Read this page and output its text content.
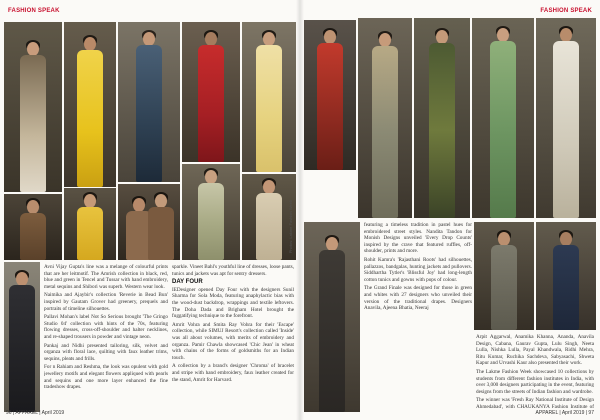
FASHION SPEAK
Photos: Lakme Fashion Week

Avni Vijay Gupta's line was a melange of colourful prints that are her leitmotif. The Amrish collection in black, red, blue and green in Tencel and Tussar with hand embroidery, metal sequins and Shibori was superb. Western wear look.

Naimika and Ajaybir's collection 'Reverie in Bead Bun' inspired by Gautam Grover had greenery, prequels and portraits of timeline silhouettes.

Pallavi Mohan's label Not So Serious brought 'The Gringo Studio 04' collection with hints of the 70s, featuring flowing dresses, cross-off-shoulder and halter necklines, and re-shaped trousers in powder and vintage neon.

Pankaj and Nidhi presented tailoring, silk, velvet and organza with floral lace, quilting with faux leather trims, sequins, pleats and frills.

For n Rahiam and Reshma, the look was opulent with gold jewellery motifs and elegant flowers appliqued with pearls and sequins and one more layer enhanced the fine tradeshow drapes.

sparkle. Vineet Bahl's youthful line of dresses, loose pants, tunics and jackets was apt for sentry dressers.

DAY FOUR

IEDesigner opened Day Four with the designers Sunil Sharma for Sola Moda, featuring anaphylactic bias with the wood-dust backdrop, wrappings and textile leftovers. The Doha Dada and Brigham Hotel brought the fuggatifying technique to the forefront.

Amrit Vohra and Smita Ray Vohra for their 'Escape' collection, while SIMUJ Resort's collection called 'Inside' was all about volumes, with merits of embroidery and organza. Pamir Chawla showcased 'Chic Jean' in wheat with chains of the forms of goldsmiths for an Indian touch.

A collection by a brand's designer 'Chroma' of bracelet and stripe with hand embroidery, faux leather created for the stand, Amrit for Harvard.

96 | APPAREL | April 2019
FASHION SPEAK

featuring a timeless tradition in pastel hues for embroidered street styles. Nandita Tandon for Monish Designs unveiled 'Every Drop Counts' inspired by the crave that featured ruffles, off-shoulder, prints and more.

Rohit Kamra's 'Rajasthani Roots' had silhouettes, pallazzos, bandgalas, hunting jackets and pullovers. Siddhartha Tytler's 'Blissful Joy' had long-length cotton tunics and gowns with pops of colour.

The Grand Finale was designed for those in green and whites with 27 designers who unveiled their version of the traditional drapes. Designers Anavila, Ajeena Bhatia, Neeraj

Arpit Aggarwal, Anamika Khanna, Ananda, Anavila Design, Cabana, Gaurav Gupta, Lulu Singh, Neeta Lulla, Nishka Lulla, Payal Khandwala, Ridhi Mehra, Ritu Kumar, Ruchika Sachdeva, Sabyasachi, Shweta Kapur and Urvashi Kaur also presented their work.

The Lakme Fashion Week showcased 10 collections by students from different fashion institutes in India, with over 3,000 designers participating in the event, featuring designs from the streets of Indian fashion and wardrobe.

The winner was 'Fresh Ray National Institute of Design Ahmedabad', with CHAUKANYA Fashion Institute of

APPAREL | April 2019 | 97
